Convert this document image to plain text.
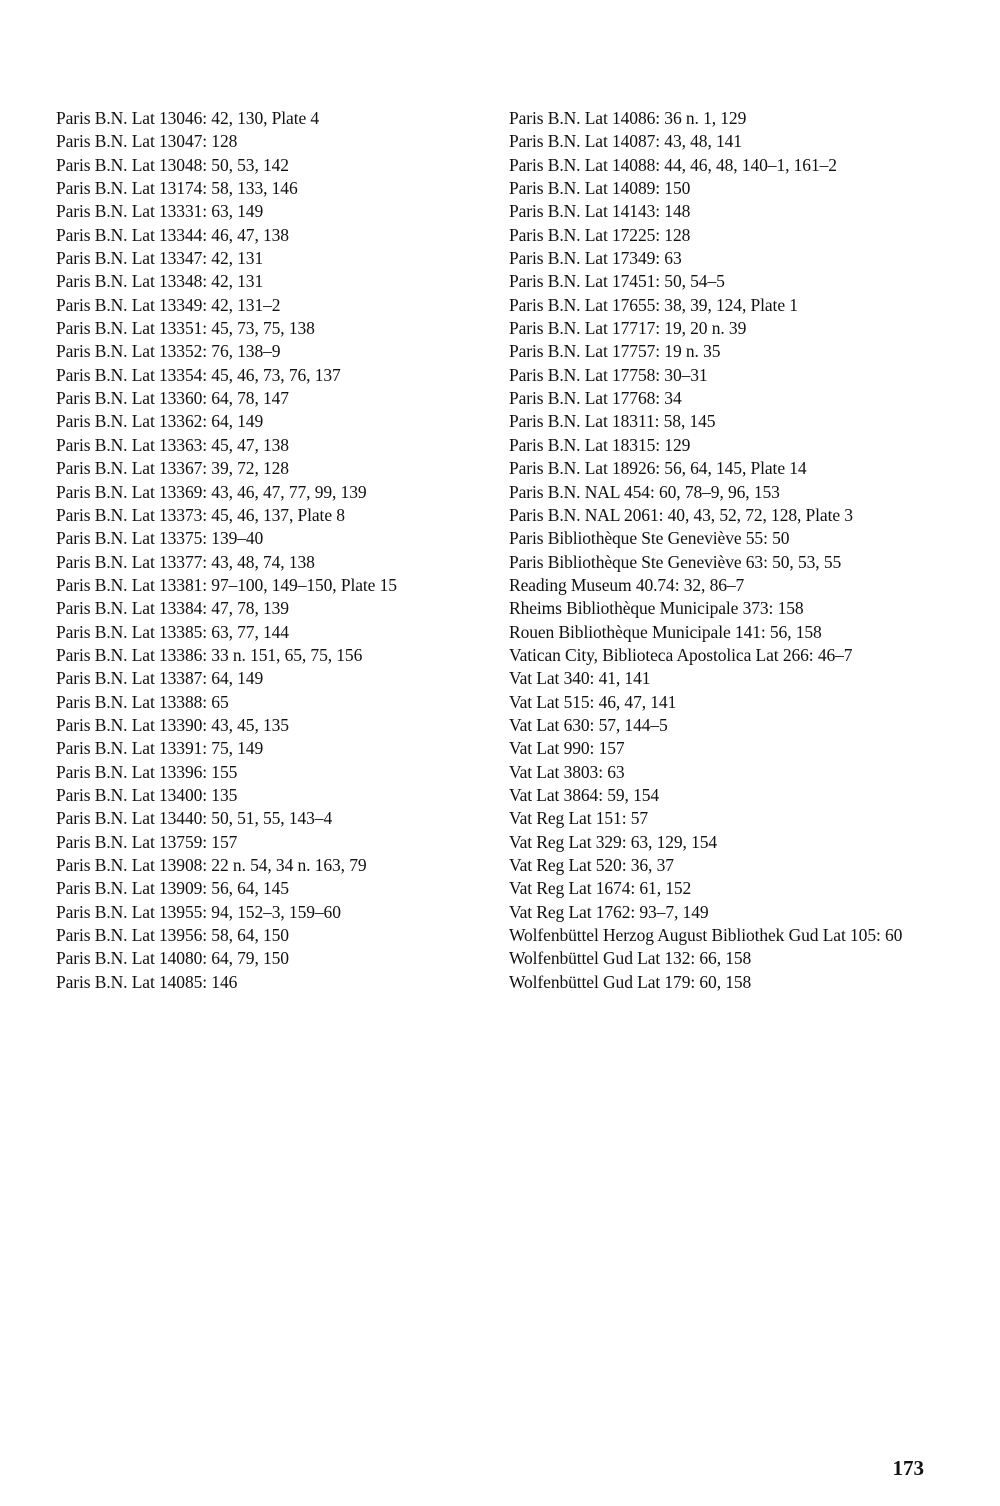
Paris B.N. Lat 13046: 42, 130, Plate 4
Paris B.N. Lat 13047: 128
Paris B.N. Lat 13048: 50, 53, 142
Paris B.N. Lat 13174: 58, 133, 146
Paris B.N. Lat 13331: 63, 149
Paris B.N. Lat 13344: 46, 47, 138
Paris B.N. Lat 13347: 42, 131
Paris B.N. Lat 13348: 42, 131
Paris B.N. Lat 13349: 42, 131–2
Paris B.N. Lat 13351: 45, 73, 75, 138
Paris B.N. Lat 13352: 76, 138–9
Paris B.N. Lat 13354: 45, 46, 73, 76, 137
Paris B.N. Lat 13360: 64, 78, 147
Paris B.N. Lat 13362: 64, 149
Paris B.N. Lat 13363: 45, 47, 138
Paris B.N. Lat 13367: 39, 72, 128
Paris B.N. Lat 13369: 43, 46, 47, 77, 99, 139
Paris B.N. Lat 13373: 45, 46, 137, Plate 8
Paris B.N. Lat 13375: 139–40
Paris B.N. Lat 13377: 43, 48, 74, 138
Paris B.N. Lat 13381: 97–100, 149–150, Plate 15
Paris B.N. Lat 13384: 47, 78, 139
Paris B.N. Lat 13385: 63, 77, 144
Paris B.N. Lat 13386: 33 n. 151, 65, 75, 156
Paris B.N. Lat 13387: 64, 149
Paris B.N. Lat 13388: 65
Paris B.N. Lat 13390: 43, 45, 135
Paris B.N. Lat 13391: 75, 149
Paris B.N. Lat 13396: 155
Paris B.N. Lat 13400: 135
Paris B.N. Lat 13440: 50, 51, 55, 143–4
Paris B.N. Lat 13759: 157
Paris B.N. Lat 13908: 22 n. 54, 34 n. 163, 79
Paris B.N. Lat 13909: 56, 64, 145
Paris B.N. Lat 13955: 94, 152–3, 159–60
Paris B.N. Lat 13956: 58, 64, 150
Paris B.N. Lat 14080: 64, 79, 150
Paris B.N. Lat 14085: 146
Paris B.N. Lat 14086: 36 n. 1, 129
Paris B.N. Lat 14087: 43, 48, 141
Paris B.N. Lat 14088: 44, 46, 48, 140–1, 161–2
Paris B.N. Lat 14089: 150
Paris B.N. Lat 14143: 148
Paris B.N. Lat 17225: 128
Paris B.N. Lat 17349: 63
Paris B.N. Lat 17451: 50, 54–5
Paris B.N. Lat 17655: 38, 39, 124, Plate 1
Paris B.N. Lat 17717: 19, 20 n. 39
Paris B.N. Lat 17757: 19 n. 35
Paris B.N. Lat 17758: 30–31
Paris B.N. Lat 17768: 34
Paris B.N. Lat 18311: 58, 145
Paris B.N. Lat 18315: 129
Paris B.N. Lat 18926: 56, 64, 145, Plate 14
Paris B.N. NAL 454: 60, 78–9, 96, 153
Paris B.N. NAL 2061: 40, 43, 52, 72, 128, Plate 3
Paris Bibliothèque Ste Geneviève 55: 50
Paris Bibliothèque Ste Geneviève 63: 50, 53, 55
Reading Museum 40.74: 32, 86–7
Rheims Bibliothèque Municipale 373: 158
Rouen Bibliothèque Municipale 141: 56, 158
Vatican City, Biblioteca Apostolica Lat 266: 46–7
Vat Lat 340: 41, 141
Vat Lat 515: 46, 47, 141
Vat Lat 630: 57, 144–5
Vat Lat 990: 157
Vat Lat 3803: 63
Vat Lat 3864: 59, 154
Vat Reg Lat 151: 57
Vat Reg Lat 329: 63, 129, 154
Vat Reg Lat 520: 36, 37
Vat Reg Lat 1674: 61, 152
Vat Reg Lat 1762: 93–7, 149
Wolfenbüttel Herzog August Bibliothek Gud Lat 105: 60
Wolfenbüttel Gud Lat 132: 66, 158
Wolfenbüttel Gud Lat 179: 60, 158
173
